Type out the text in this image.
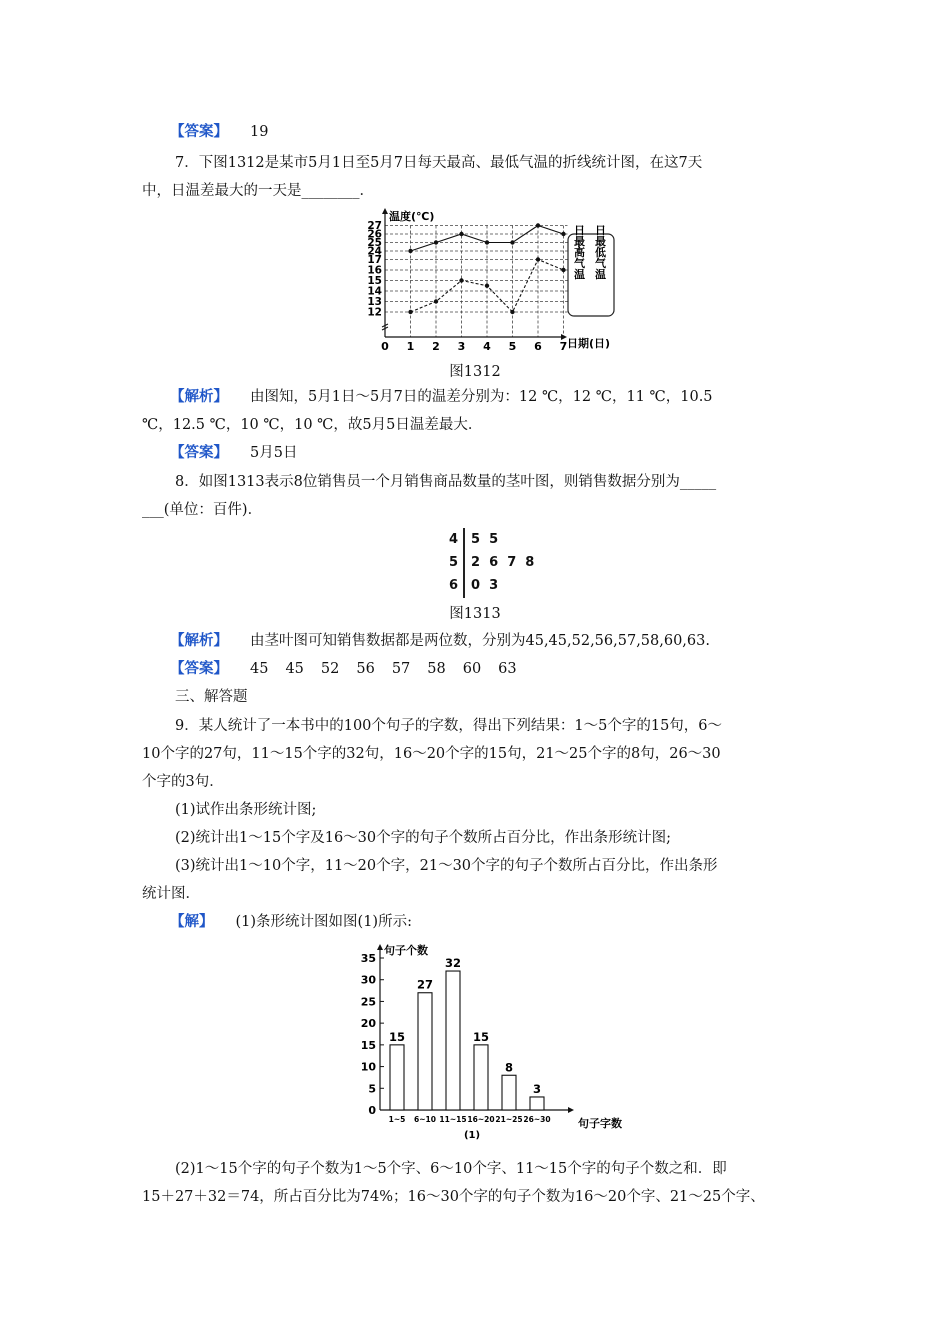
【答案】 19
7．下图1312是某市5月1日至5月7日每天最高、最低气温的折线统计图，在这7天
中，日温差最大的一天是________．
12
13
14
15
16
17
24
25
26
27
0 1 2 3 4 5 6 7
温度(℃)
日期(日)
日最高气温 日最低气温
图1312
【解析】 由图知，5月1日～5月7日的温差分别为：12 ℃，12 ℃，11 ℃，10.5
℃，12.5 ℃，10 ℃，10 ℃，故5月5日温差最大．
【答案】 5月5日
8．如图1313表示8位销售员一个月销售商品数量的茎叶图，则销售数据分别为_____
___(单位：百件)．
4 5  5
5 2  6  7  8
6 0  3
图1313
【解析】 由茎叶图可知销售数据都是两位数，分别为45,45,52,56,57,58,60,63.
【答案】 45 45 52 56 57 58 60 63
三、解答题
9．某人统计了一本书中的100个句子的字数，得出下列结果：1～5个字的15句，6～
10个字的27句，11～15个字的32句，16～20个字的15句，21～25个字的8句，26～30
个字的3句．
(1)试作出条形统计图;
(2)统计出1～15个字及16～30个字的句子个数所占百分比，作出条形统计图;
(3)统计出1～10个字，11～20个字，21～30个字的句子个数所占百分比，作出条形
统计图．
【解】 (1)条形统计图如图(1)所示:
0
5
10
15
20
25
30
35
15
1~5
27
6~10
32
11~15
15
16~20
8
21~25
3
26~30
句子个数
句子字数
(1)
(2)1～15个字的句子个数为1～5个字、6～10个字、11～15个字的句子个数之和．即
15＋27＋32＝74，所占百分比为74%；16～30个字的句子个数为16～20个字、21～25个字、
